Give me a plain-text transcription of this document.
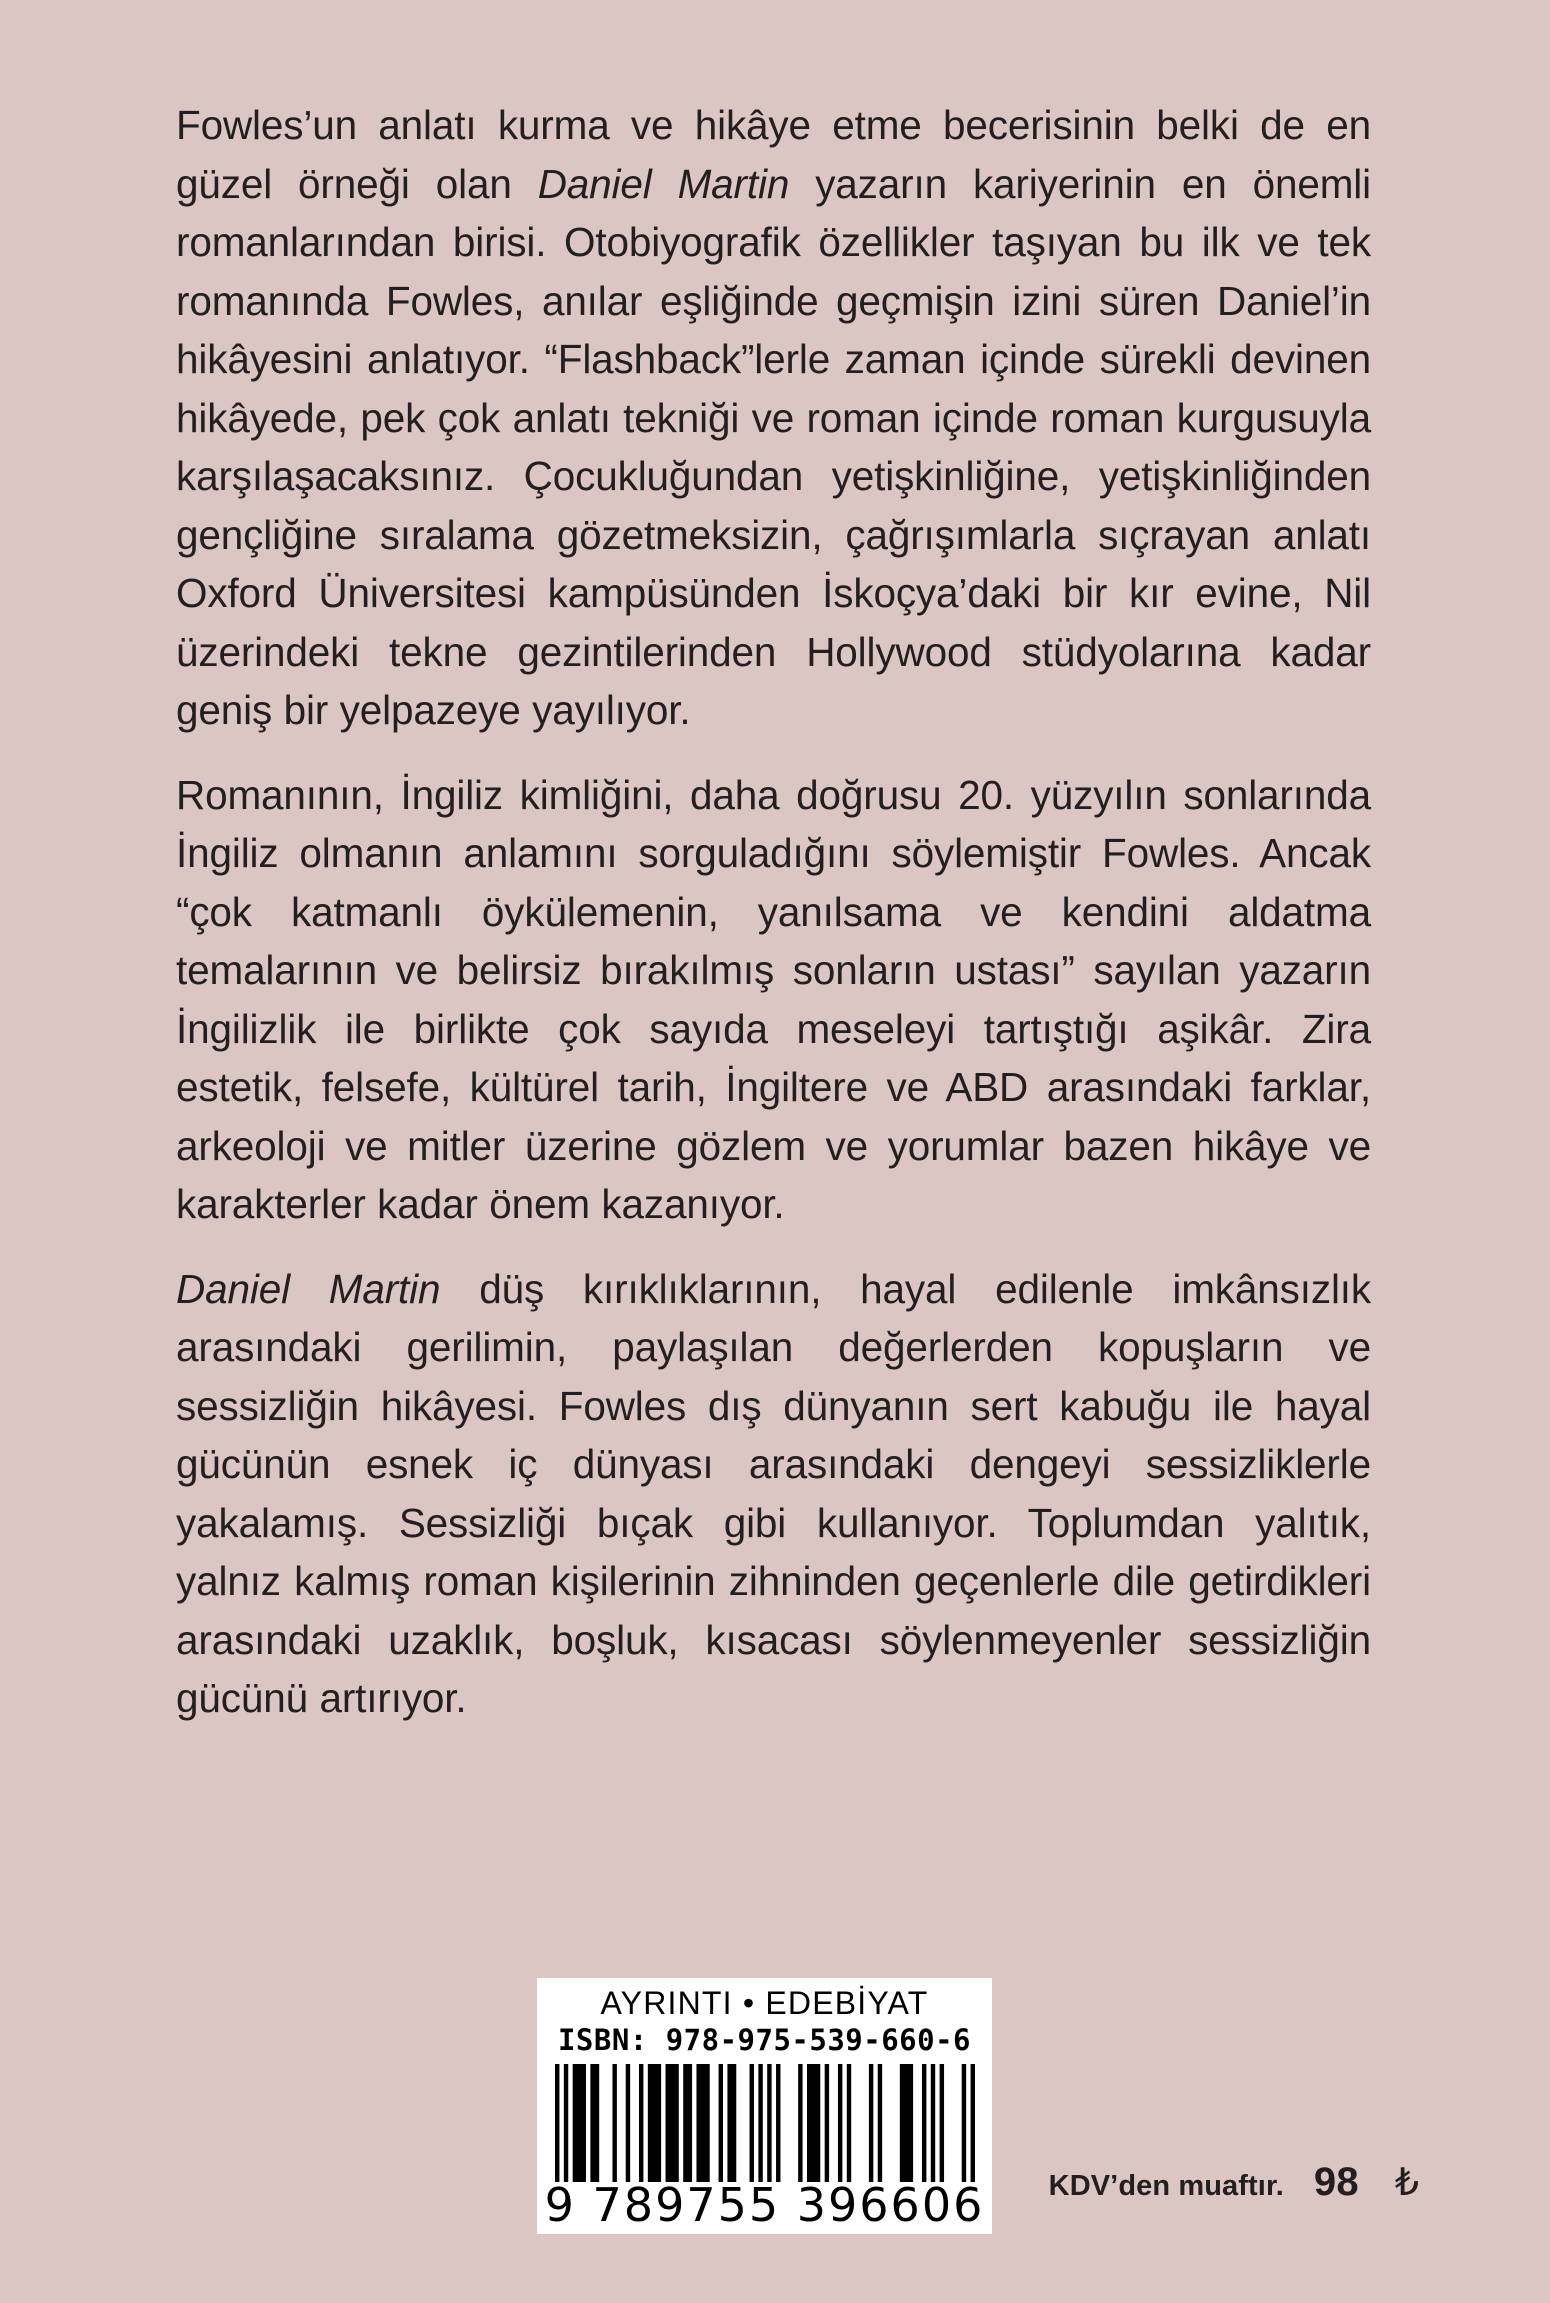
Fowles’un anlatı kurma ve hikâye etme becerisinin belki de en güzel örneği olan Daniel Martin yazarın kariyerinin en önemli romanlarından birisi. Otobiyografik özellikler taşıyan bu ilk ve tek romanında Fowles, anılar eşliğinde geçmişin izini süren Daniel’in hikâyesini anlatıyor. “Flashback”lerle zaman içinde sürekli devinen hikâyede, pek çok anlatı tekniği ve roman içinde roman kurgusuyla karşılaşacaksınız. Çocukluğundan yetişkinliğine, yetişkinliğinden gençliğine sıralama gözetmeksizin, çağrışımlarla sıçrayan anlatı Oxford Üniversitesi kampüsünden İskoçya’daki bir kır evine, Nil üzerindeki tekne gezintilerinden Hollywood stüdyolarına kadar geniş bir yelpazeye yayılıyor.

Romanının, İngiliz kimliğini, daha doğrusu 20. yüzyılın sonlarında İngiliz olmanın anlamını sorguladığını söylemiştir Fowles. Ancak “çok katmanlı öykülemenin, yanılsama ve kendini aldatma temalarının ve belirsiz bırakılmış sonların ustası” sayılan yazarın İngilizlik ile birlikte çok sayıda meseleyi tartıştığı aşikâr. Zira estetik, felsefe, kültürel tarih, İngiltere ve ABD arasındaki farklar, arkeoloji ve mitler üzerine gözlem ve yorumlar bazen hikâye ve karakterler kadar önem kazanıyor.

Daniel Martin düş kırıklıklarının, hayal edilenle imkânsızlık arasındaki gerilimin, paylaşılan değerlerden kopuşların ve sessizliğin hikâyesi. Fowles dış dünyanın sert kabuğu ile hayal gücünün esnek iç dünyası arasındaki dengeyi sessizliklerle yakalamış. Sessizliği bıçak gibi kullanıyor. Toplumdan yalıtık, yalnız kalmış roman kişilerinin zihninden geçenlerle dile getirdikleri arasındaki uzaklık, boşluk, kısacası söylenmeyenler sessizliğin gücünü artırıyor.

AYRINTI • EDEBİYAT
ISBN: 978-975-539-660-6
9 789755 396606 KDV’den muaftır. 98 ₺
